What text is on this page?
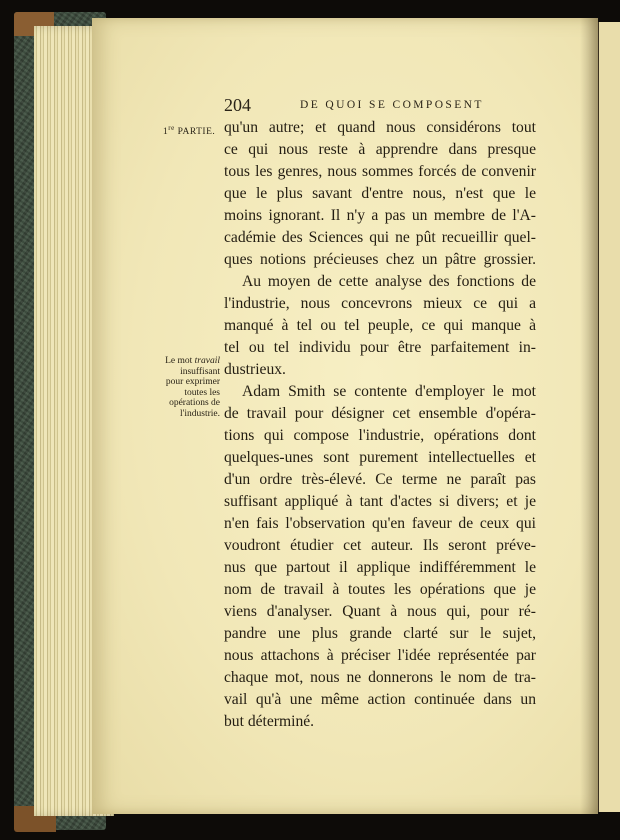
204	DE QUOI SE COMPOSENT
1re PARTIE.
Le mot travail
insuffisant
pour exprimer
toutes les
opérations de
l'industrie.
qu'un autre; et quand nous considérons tout
ce qui nous reste à apprendre dans presque
tous les genres, nous sommes forcés de convenir
que le plus savant d'entre nous, n'est que le
moins ignorant. Il n'y a pas un membre de l'A-
cadémie des Sciences qui ne pût recueillir quel-
ques notions précieuses chez un pâtre grossier.
Au moyen de cette analyse des fonctions de
l'industrie, nous concevrons mieux ce qui a
manqué à tel ou tel peuple, ce qui manque à
tel ou tel individu pour être parfaitement in-
dustrieux.
Adam Smith se contente d'employer le mot
de travail pour désigner cet ensemble d'opéra-
tions qui compose l'industrie, opérations dont
quelques-unes sont purement intellectuelles et
d'un ordre très-élevé. Ce terme ne paraît pas
suffisant appliqué à tant d'actes si divers; et je
n'en fais l'observation qu'en faveur de ceux qui
voudront étudier cet auteur. Ils seront préve-
nus que partout il applique indifféremment le
nom de travail à toutes les opérations que je
viens d'analyser. Quant à nous qui, pour ré-
pandre une plus grande clarté sur le sujet,
nous attachons à préciser l'idée représentée par
chaque mot, nous ne donnerons le nom de tra-
vail qu'à une même action continuée dans un
but déterminé.
